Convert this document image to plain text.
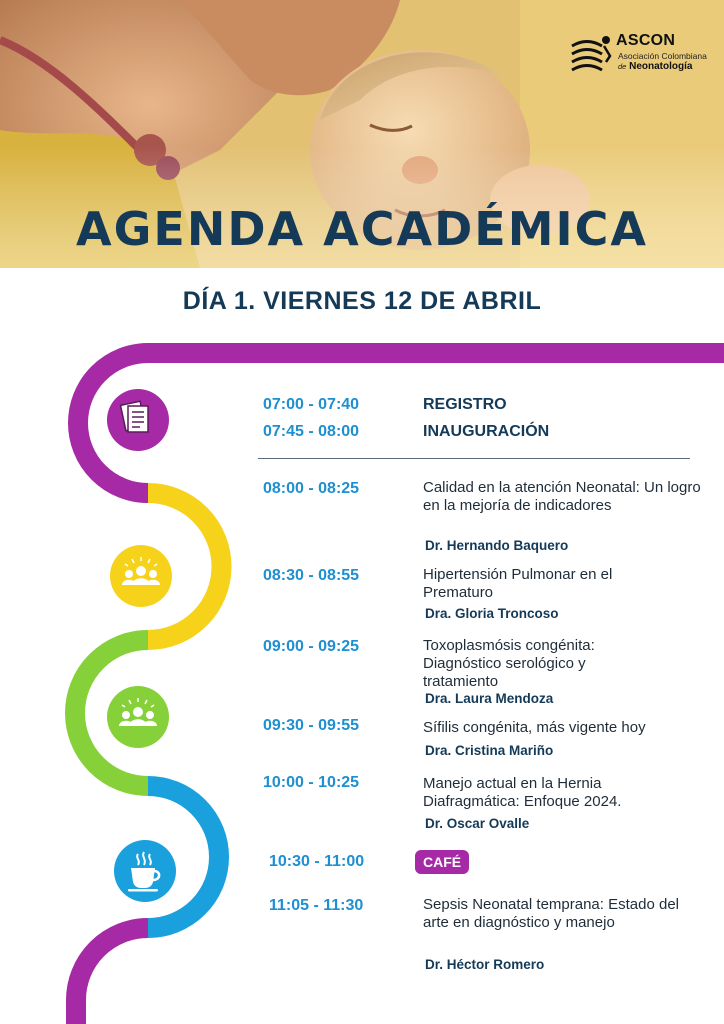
ASCON
Asociación Colombiana
de Neonatología
AGENDA ACADÉMICA
DÍA 1. VIERNES 12 DE ABRIL
07:00 - 07:40	REGISTRO
07:45 - 08:00	INAUGURACIÓN
08:00 - 08:25	Calidad en la atención Neonatal: Un logro en la mejoría de indicadores
Dr. Hernando Baquero
08:30 - 08:55	Hipertensión Pulmonar en el Prematuro
Dra. Gloria Troncoso
09:00 - 09:25	Toxoplasmósis congénita: Diagnóstico serológico y tratamiento
Dra. Laura Mendoza
09:30 - 09:55	Sífilis congénita, más vigente hoy
Dra. Cristina Mariño
10:00 - 10:25	Manejo actual en la Hernia Diafragmática: Enfoque 2024.
Dr. Oscar Ovalle
10:30 - 11:00	CAFÉ
11:05 - 11:30	Sepsis Neonatal temprana: Estado del arte en diagnóstico y manejo
Dr. Héctor Romero
